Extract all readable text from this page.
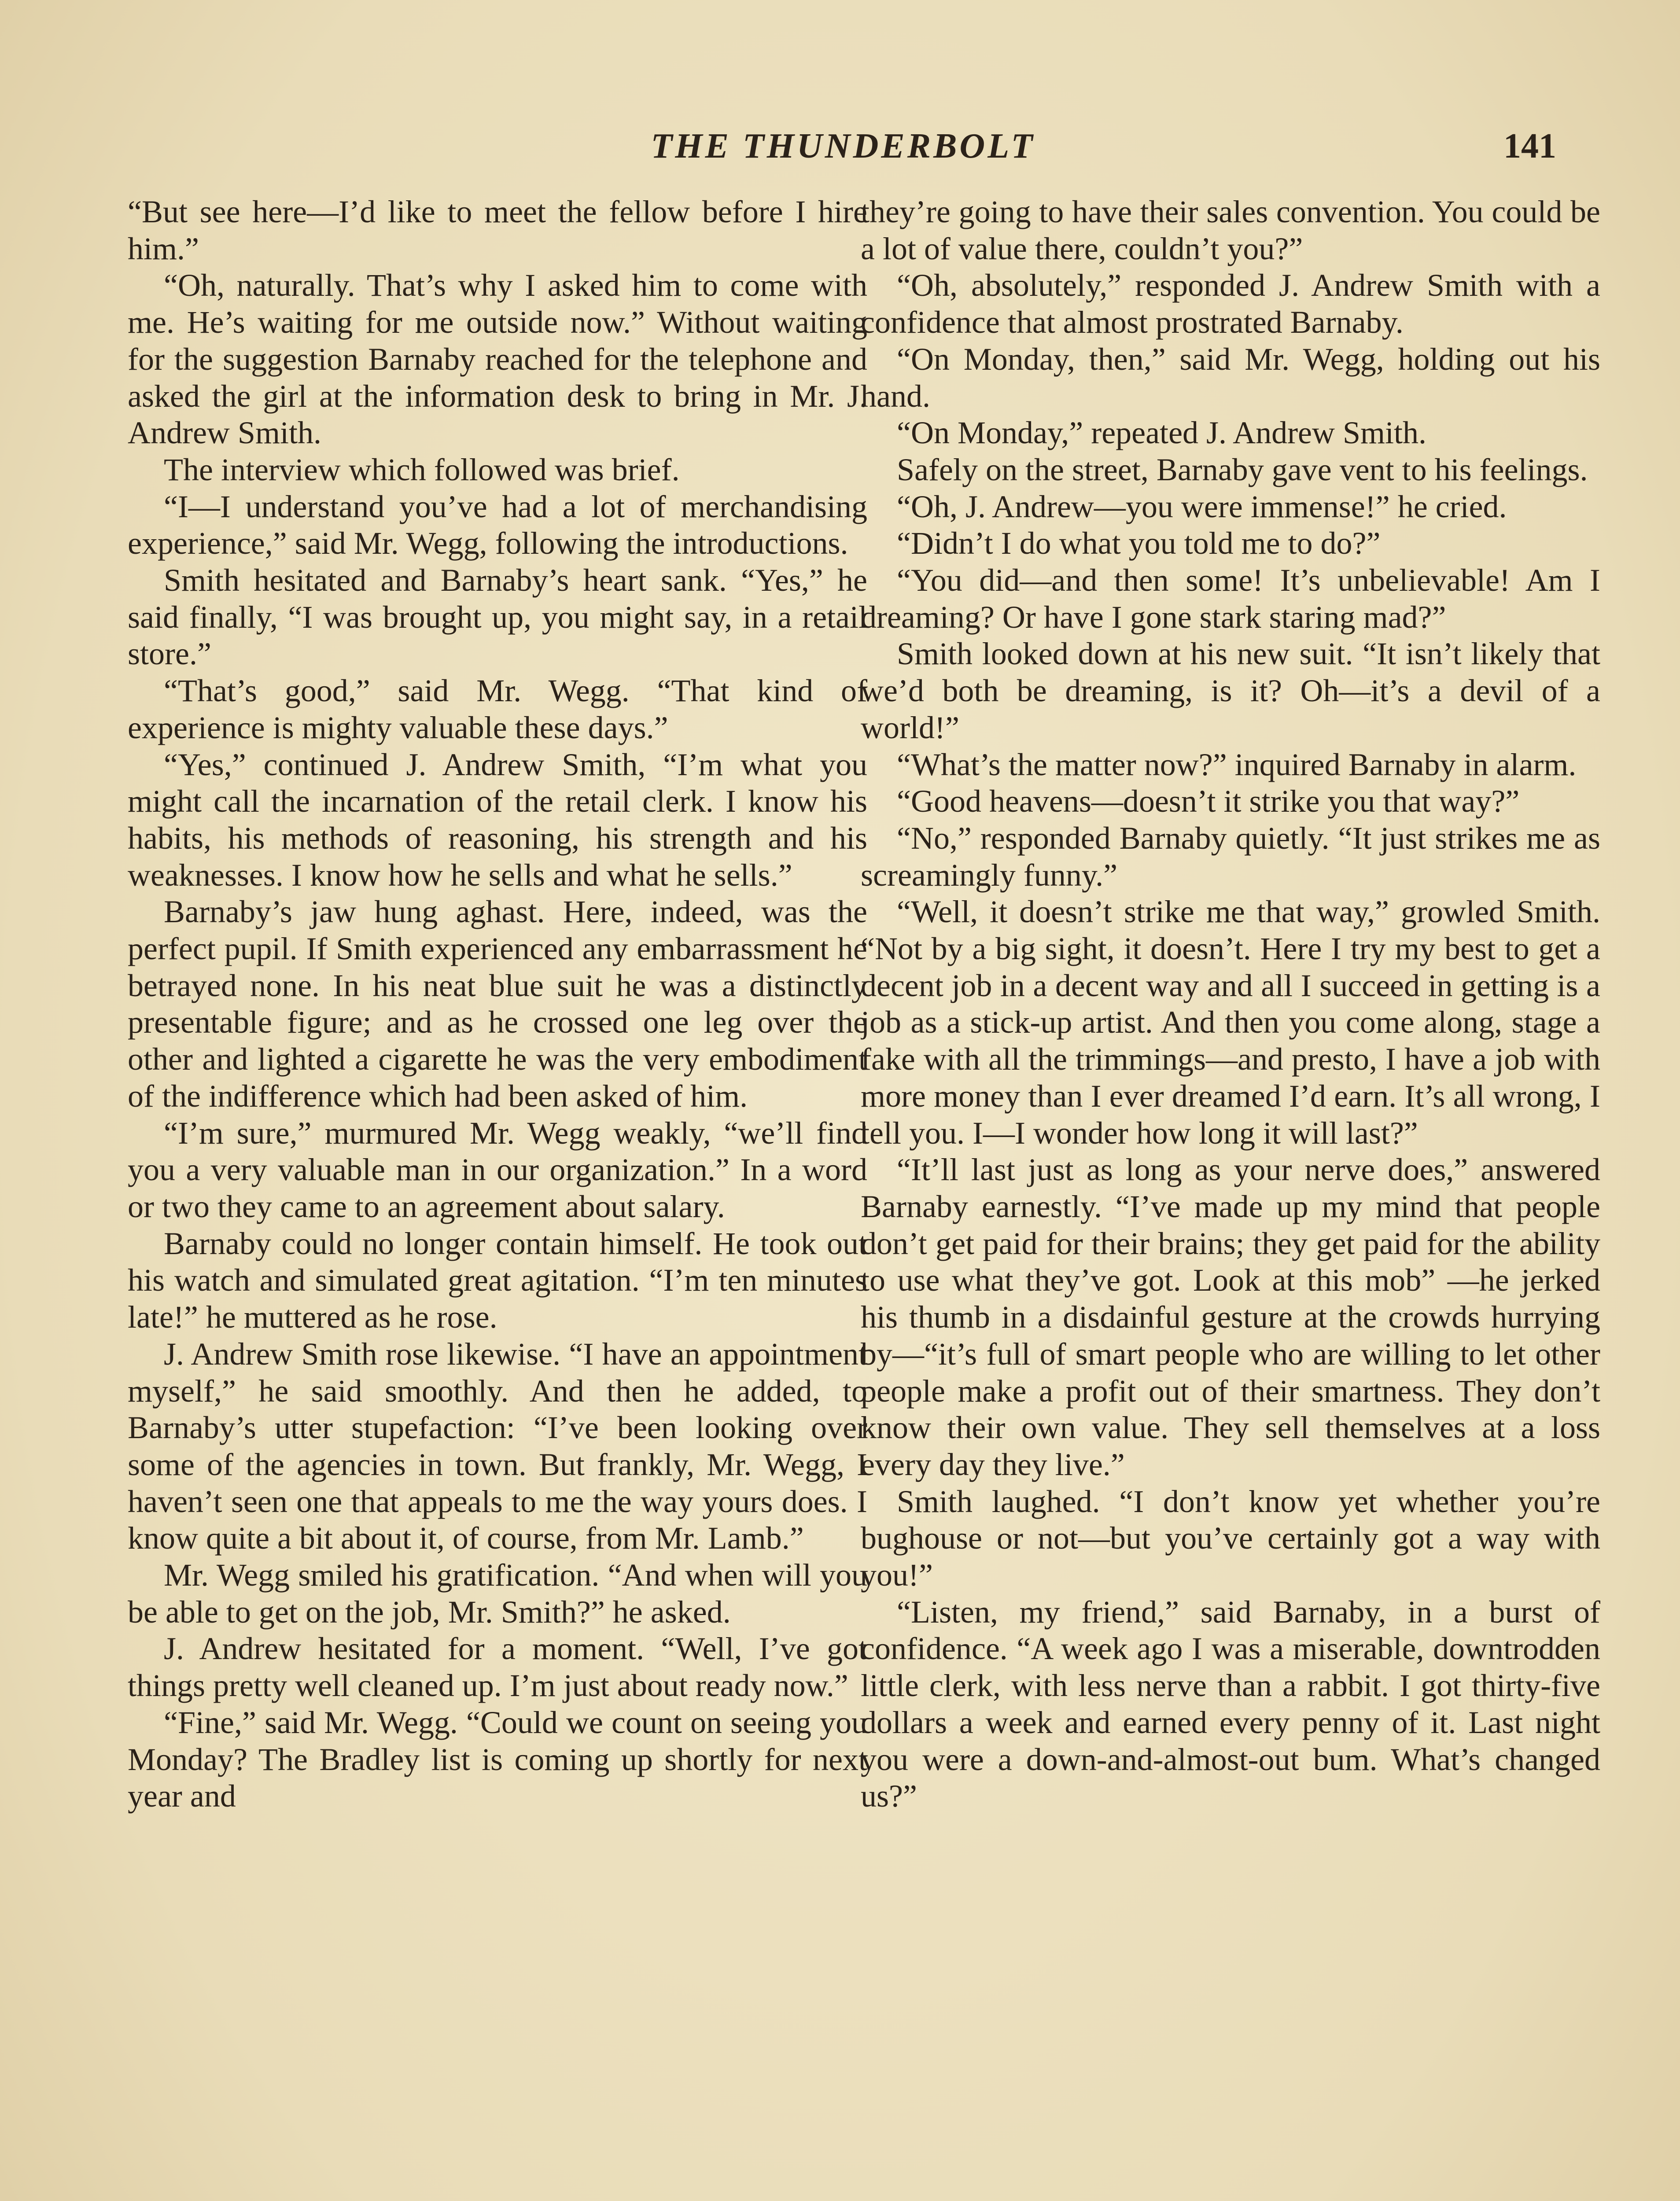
THE THUNDERBOLT	141

“But see here—I’d like to meet the fellow before I hire him.”

“Oh, naturally. That’s why I asked him to come with me. He’s waiting for me outside now.” Without waiting for the suggestion Barnaby reached for the telephone and asked the girl at the information desk to bring in Mr. J. Andrew Smith.

The interview which followed was brief.

“I—I understand you’ve had a lot of merchandising experience,” said Mr. Wegg, following the introductions.

Smith hesitated and Barnaby’s heart sank. “Yes,” he said finally, “I was brought up, you might say, in a retail store.”

“That’s good,” said Mr. Wegg. “That kind of experience is mighty valuable these days.”

“Yes,” continued J. Andrew Smith, “I’m what you might call the incarnation of the retail clerk. I know his habits, his methods of reasoning, his strength and his weaknesses. I know how he sells and what he sells.”

Barnaby’s jaw hung aghast. Here, indeed, was the perfect pupil. If Smith experienced any embarrassment he betrayed none. In his neat blue suit he was a distinctly presentable figure; and as he crossed one leg over the other and lighted a cigarette he was the very embodiment of the indifference which had been asked of him.

“I’m sure,” murmured Mr. Wegg weakly, “we’ll find you a very valuable man in our organization.” In a word or two they came to an agreement about salary.

Barnaby could no longer contain himself. He took out his watch and simulated great agitation. “I’m ten minutes late!” he muttered as he rose.

J. Andrew Smith rose likewise. “I have an appointment myself,” he said smoothly. And then he added, to Barnaby’s utter stupefaction: “I’ve been looking over some of the agencies in town. But frankly, Mr. Wegg, I haven’t seen one that appeals to me the way yours does. I know quite a bit about it, of course, from Mr. Lamb.”

Mr. Wegg smiled his gratification. “And when will you be able to get on the job, Mr. Smith?” he asked.

J. Andrew hesitated for a moment. “Well, I’ve got things pretty well cleaned up. I’m just about ready now.”

“Fine,” said Mr. Wegg. “Could we count on seeing you Monday? The Bradley list is coming up shortly for next year and

they’re going to have their sales convention. You could be a lot of value there, couldn’t you?”

“Oh, absolutely,” responded J. Andrew Smith with a confidence that almost prostrated Barnaby.

“On Monday, then,” said Mr. Wegg, holding out his hand.

“On Monday,” repeated J. Andrew Smith.

Safely on the street, Barnaby gave vent to his feelings.

“Oh, J. Andrew—you were immense!” he cried.

“Didn’t I do what you told me to do?”

“You did—and then some! It’s unbelievable! Am I dreaming? Or have I gone stark staring mad?”

Smith looked down at his new suit. “It isn’t likely that we’d both be dreaming, is it? Oh—it’s a devil of a world!”

“What’s the matter now?” inquired Barnaby in alarm.

“Good heavens—doesn’t it strike you that way?”

“No,” responded Barnaby quietly. “It just strikes me as screamingly funny.”

“Well, it doesn’t strike me that way,” growled Smith. “Not by a big sight, it doesn’t. Here I try my best to get a decent job in a decent way and all I succeed in getting is a job as a stick-up artist. And then you come along, stage a fake with all the trimmings—and presto, I have a job with more money than I ever dreamed I’d earn. It’s all wrong, I tell you. I—I wonder how long it will last?”

“It’ll last just as long as your nerve does,” answered Barnaby earnestly. “I’ve made up my mind that people don’t get paid for their brains; they get paid for the ability to use what they’ve got. Look at this mob” —he jerked his thumb in a disdainful gesture at the crowds hurrying by—“it’s full of smart people who are willing to let other people make a profit out of their smartness. They don’t know their own value. They sell themselves at a loss every day they live.”

Smith laughed. “I don’t know yet whether you’re bughouse or not—but you’ve certainly got a way with you!”

“Listen, my friend,” said Barnaby, in a burst of confidence. “A week ago I was a miserable, downtrodden little clerk, with less nerve than a rabbit. I got thirty-five dollars a week and earned every penny of it. Last night you were a down-and-almost-out bum. What’s changed us?”
